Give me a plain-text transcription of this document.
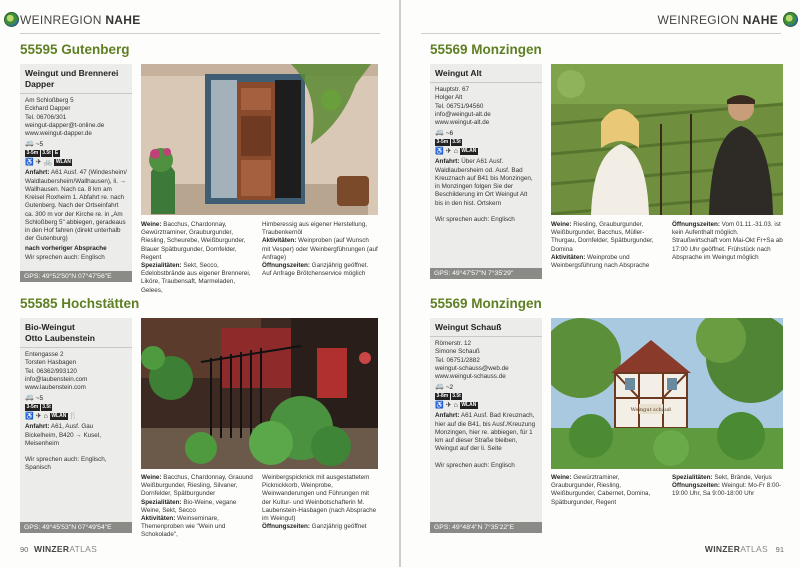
WEINREGION NAHE
55595 Gutenberg
Weingut und Brennerei
Dapper
Am Schloßberg 5
Eckhard Dapper
Tel. 06706/301
weingut-dapper@t-online.de
www.weingut-dapper.de
🚐 ~5
3-5m 3.5t E
♿ ✈ 🚲 WLAN
Anfahrt: A61 Ausf. 47 (Windesheim/ Waldlaubersheim/Wallhausen), li. → Wallhausen. Nach ca. 8 km am Kreisel Roxheim 1. Abfahrt re. nach Gutenberg. Nach der Ortseinfahrt ca. 300 m vor der Kirche re. in „Am Schloßberg 5" abbiegen, geradeaus in den Hof fahren (direkt unterhalb der Gutenburg)
nach vorheriger Absprache
Wir sprechen auch: Englisch
GPS: 49°52'50"N 07°47'56"E
Weine: Bacchus, Chardonnay, Gewürztraminer, Grauburgunder, Riesling, Scheurebe, Weißburgunder, Blauer Spätburgunder, Dornfelder, Regent
Spezialitäten: Sekt, Secco, Edelobstbrände aus eigener Brennerei, Liköre, Traubensaft, Marmeladen, Gelees,
Himberessig aus eigener Herstellung, Traubenkernöl
Aktivitäten: Weinproben (auf Wunsch mit Vesper) oder Weinbergführungen (auf Anfrage)
Öffnungszeiten: Ganzjährig geöffnet. Auf Anfrage Brötchenservice möglich
55585 Hochstätten
Bio-Weingut
Otto Laubenstein
Entengasse 2
Torsten Hasbagen
Tel. 06362/993120
info@laubenstein.com
www.laubenstein.com
🚐 ~5
3-5m 3.5t
♿ ✈ ⌂ WLAN 🍴
Anfahrt: A61, Ausf. Gau Bickelheim, B420 → Kusel, Meisenheim
Wir sprechen auch: Englisch, Spanisch
GPS: 49°45'53"N 07°49'54"E
Weine: Bacchus, Chardonnay, Grauund Weißburgunder, Riesling, Silvaner, Dornfelder, Spätburgunder
Spezialitäten: Bio-Weine, vegane Weine, Sekt, Secco
Aktivitäten: Weinseminare, Themenproben wie "Wein und Schokolade",
Weinbergspicknick mit ausgestattetem Picknickkorb, Weinprobe, Weinwanderungen und Führungen mit der Kultur- und Weinbotschafterin M. Laubenstein-Hasbagen (nach Absprache im Weingut)
Öffnungszeiten: Ganzjährig geöffnet
90 WINZERATLAS
WEINREGION NAHE
55569 Monzingen
Weingut Alt
Hauptstr. 67
Holger Alt
Tel. 06751/94560
info@weingut-alt.de
www.weingut-alt.de
🚐 ~6
3-5m 3.5t
♿ ✈ ⌂ WLAN
Anfahrt: Über A61 Ausf. Waldlaubersheim od. Ausf. Bad Kreuznach auf B41 bis Monzingen, in Monzingen folgen Sie der Beschilderung im Ort Weingut Alt bis in den hist. Ortskern
Wir sprechen auch: Englisch
GPS: 49°47'57"N 7°35'29"
Weine: Riesling, Grauburgunder, Weißburgunder, Bacchus, Müller-Thurgau, Dornfelder, Spätburgunder, Domina
Aktivitäten: Weinprobe und Weinbergsführung nach Absprache
Öffnungszeiten: Vom 01.11.-31.03. ist kein Aufenthalt möglich. Straußwirtschaft vom Mai-Okt Fr+Sa ab 17:00 Uhr geöffnet. Frühstück nach Absprache im Weingut möglich
55569 Monzingen
Weingut Schauß
Römerstr. 12
Simone Schauß
Tel. 06751/2882
weingut-schauss@web.de
www.weingut-schauss.de
🚐 ~2
3-8m 3.5t
♿ ✈ ⌂ WLAN
Anfahrt: A61 Ausf. Bad Kreuznach, hier auf die B41, bis Ausf./Kreuzung Monzingen, hier re. abbiegen, für 1 km auf dieser Straße bleiben, Weingut auf der li. Seite
Wir sprechen auch: Englisch
GPS: 49°48'4"N 7°35'22"E
Weingut schauß
Weine: Gewürztraminer, Grauburgunder, Riesling, Weißburgunder, Cabernet, Domina, Spätburgunder, Regent
Spezialitäten: Sekt, Brände, Verjus
Öffnungszeiten: Weingut: Mo-Fr 8:00-19:00 Uhr, Sa 9:00-18:00 Uhr
WINZERATLAS 91
